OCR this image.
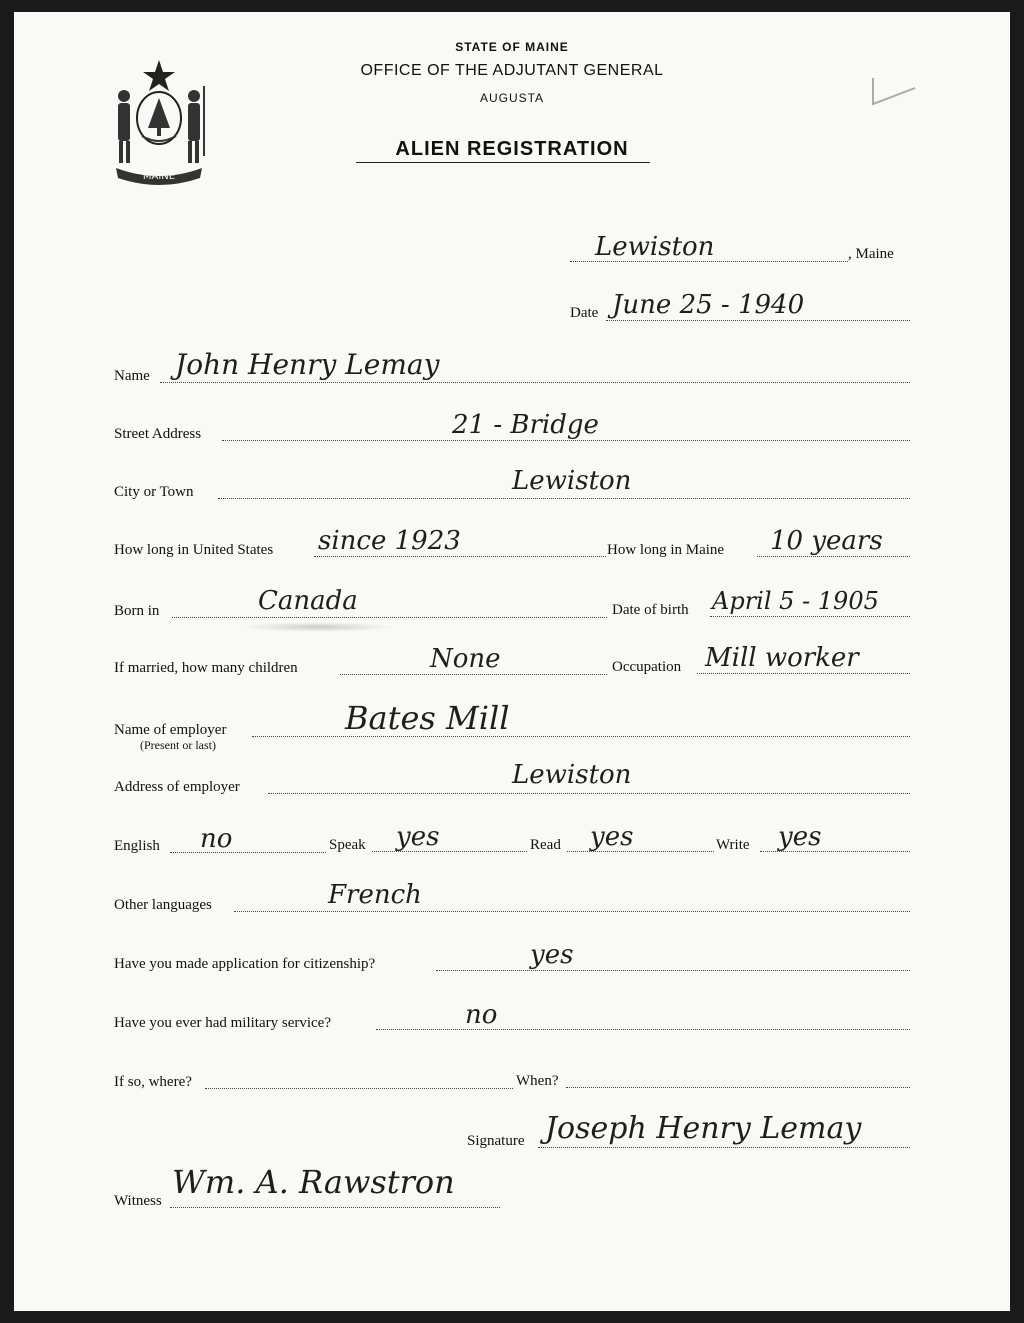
STATE OF MAINE
OFFICE OF THE ADJUTANT GENERAL
AUGUSTA
ALIEN REGISTRATION
MAINE
Lewiston	, Maine
Date June 25 - 1940
Name John Henry Lemay
Street Address	21 - Bridge
City or Town	Lewiston
How long in United States since 1923	How long in Maine 10 years
Born in	Canada	Date of birth April 5 - 1905
If married, how many children	None	Occupation Mill worker
Name of employer
(Present or last)
Bates Mill
Address of employer	Lewiston
English no	Speak yes	Read yes	Write yes
Other languages	French
Have you made application for citizenship?	yes
Have you ever had military service?	no
If so, where?	When?
Signature Joseph Henry Lemay
Witness Wm. A. Rawstron
